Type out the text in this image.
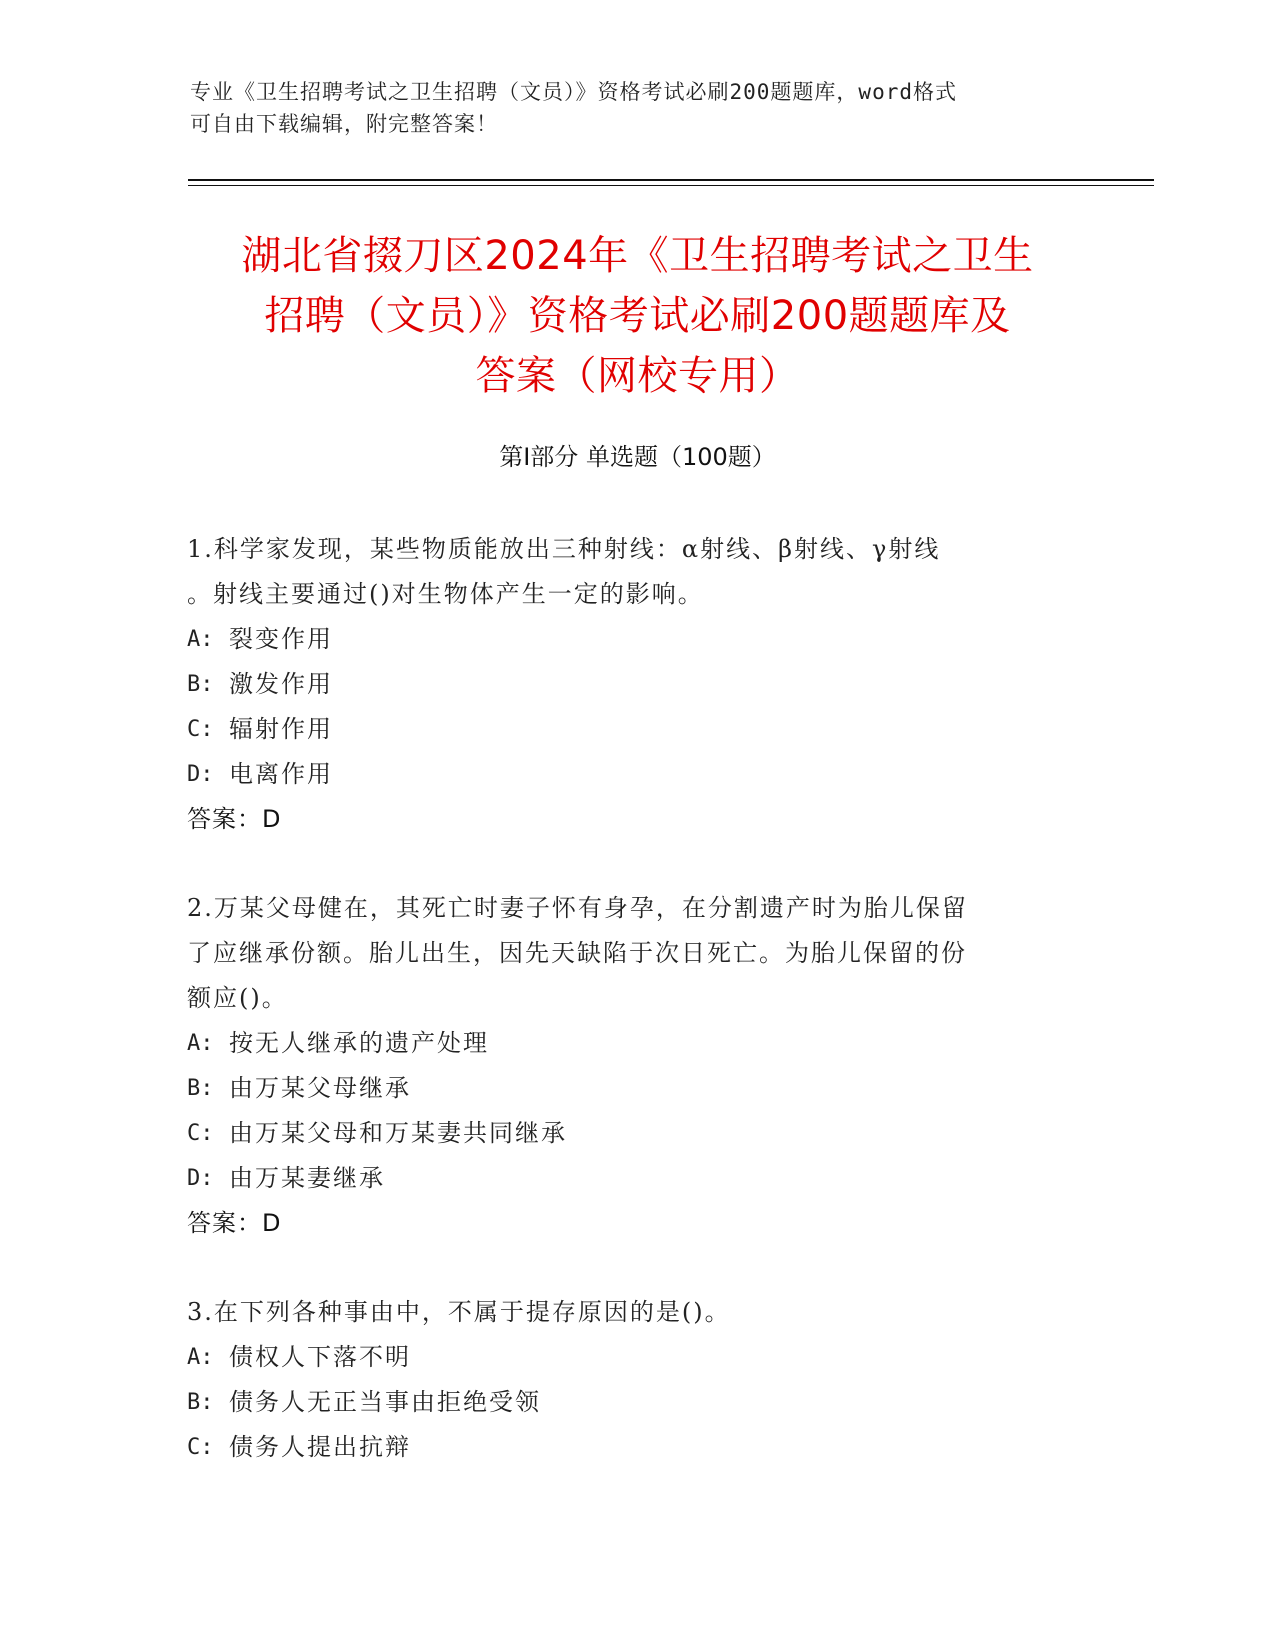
专业《卫生招聘考试之卫生招聘（文员）》资格考试必刷200题题库，word格式
可自由下载编辑，附完整答案！
湖北省掇刀区2024年《卫生招聘考试之卫生
招聘（文员）》资格考试必刷200题题库及
答案（网校专用）
第Ⅰ部分 单选题（100题）
1.科学家发现，某些物质能放出三种射线：α射线、β射线、γ射线
。射线主要通过()对生物体产生一定的影响。
A: 裂变作用
B: 激发作用
C: 辐射作用
D: 电离作用
答案：D
2.万某父母健在，其死亡时妻子怀有身孕，在分割遗产时为胎儿保留
了应继承份额。胎儿出生，因先天缺陷于次日死亡。为胎儿保留的份
额应()。
A: 按无人继承的遗产处理
B: 由万某父母继承
C: 由万某父母和万某妻共同继承
D: 由万某妻继承
答案：D
3.在下列各种事由中，不属于提存原因的是()。
A: 债权人下落不明
B: 债务人无正当事由拒绝受领
C: 债务人提出抗辩
